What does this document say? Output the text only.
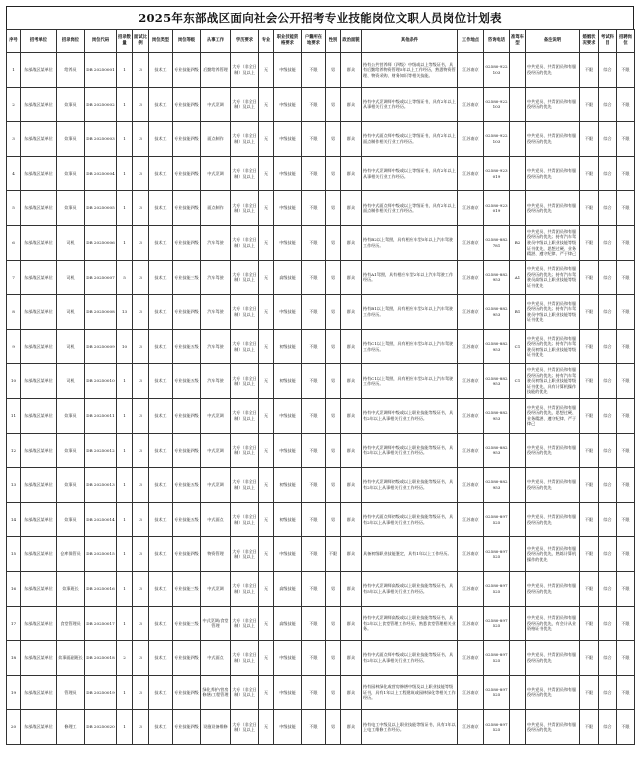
2025年东部战区面向社会公开招考专业技能岗位文职人员岗位计划表
序号	招考单位	招录岗位	岗位代码	招录数量	面试比例	岗位类型	岗位等级	从事工作	学历要求	专业	职业技能资格要求	户籍所在地要求	性别	政治面貌	其他条件	工作地点	咨询电话	准驾车型	备注说明	婚姻状况要求	考试科目	招聘岗位
1	东部战区某单位	给养员	DB 20250001	1	3	技术工	专业技能四级	后勤给养管理	大专（非全日制）及以上	无	中级技能	不限	男	群众	持有公共营养师（四级）中级或以上等级证书，具有后勤给养物资管理5年以上工作经历，熟悉物资管理、物资采购、财务知识等相关技能。	江苏南京	02580-922103		中共党员、共青团员和有服役经历的优先	不限	综合	不限
2	东部战区某单位	炊事员	DB 20250002	1	3	技术工	专业技能四级	中式烹调	大专（非全日制）及以上	无	中级技能	不限	男	群众	持有中式烹调师中级或以上等级证书，具有2年以上从事相关行业工作经历。	江苏南京	02580-922103		中共党员、共青团员和有服役经历的优先	不限	综合	不限
3	东部战区某单位	炊事员	DB 20250003	1	3	技术工	专业技能四级	面点制作	大专（非全日制）及以上	无	中级技能	不限	男	群众	持有中式面点师中级或以上等级证书，具有2年以上面点制作相关行业工作经历。	江苏南京	02580-922103		中共党员、共青团员和有服役经历的优先	不限	综合	不限
4	东部战区某单位	炊事员	DB 20250004	1	3	技术工	专业技能四级	中式烹调	大专（非全日制）及以上	无	中级技能	不限	男	群众	持有中式烹调师中级或以上等级证书，具有2年以上从事相关行业工作经历。	江苏南京	02580-923019		中共党员、共青团员和有服役经历的优先	不限	综合	不限
5	东部战区某单位	炊事员	DB 20250005	1	3	技术工	专业技能四级	面点制作	大专（非全日制）及以上	无	中级技能	不限	男	群众	持有中式面点师中级或以上等级证书，具有2年以上面点制作相关行业工作经历。	江苏南京	02580-923019		中共党员、共青团员和有服役经历的优先	不限	综合	不限
6	东部战区某单位	司机	DB 20250006	1	3	技术工	专业技能四级	汽车驾驶	大专（非全日制）及以上	无	中级技能	不限	男	群众	持有B2以上驾照，具有相应车型5年以上汽车驾驶工作经历。	江苏南京	02580-882781	B2	中共党员、共青团员和有服役经历的优先；持有汽车驾驶员中级以上职业技能等级证书优先，思想过硬、业务精湛、遵守纪律、严于律己	不限	综合	不限
7	东部战区某单位	司机	DB 20250007	5	3	技术工	专业技能三级	汽车驾驶	大专（非全日制）及以上	无	高级技能	不限	男	群众	持有A1驾照，具有相应车型2年以上汽车驾驶工作经历。	江苏南京	02580-882953	A1	中共党员、共青团员和有服役经历的优先；持有汽车驾驶员高级以上职业技能等级证书优先	不限	综合	不限
8	东部战区某单位	司机	DB 20250008	13	3	技术工	专业技能四级	汽车驾驶	大专（非全日制）及以上	无	中级技能	不限	男	群众	持有B1以上驾照，具有相应车型2年以上汽车驾驶工作经历。	江苏南京	02580-882953	B1	中共党员、共青团员和有服役经历的优先；持有汽车驾驶员中级以上职业技能等级证书优先	不限	综合	不限
9	东部战区某单位	司机	DB 20250009	10	3	技术工	专业技能五级	汽车驾驶	大专（非全日制）及以上	无	初级技能	不限	男	群众	持有C1以上驾照，具有相应车型2年以上汽车驾驶工作经历。	江苏南京	02580-882953	C1	中共党员、共青团员和有服役经历的优先；持有汽车驾驶员初级以上职业技能等级证书优先	不限	综合	不限
10	东部战区某单位	司机	DB 20250010	1	3	技术工	专业技能五级	汽车驾驶	大专（非全日制）及以上	无	初级技能	不限	男	群众	持有C1以上驾照，具有相应车型2年以上汽车驾驶工作经历。	江苏南京	02580-882953	C1	中共党员、共青团员和有服役经历的优先；持有汽车驾驶员初级以上职业技能等级证书优先，具有计算机操作技能的优先	不限	综合	不限
11	东部战区某单位	炊事员	DB 20250011	1	3	技术工	专业技能四级	中式烹调	大专（非全日制）及以上	无	中级技能	不限	男	群众	持有中式烹调师中级或以上职业技能等级证书，具有2年以上从事相关行业工作经历。	江苏南京	02580-882953		中共党员、共青团员和有服役经历的优先，思想过硬、业务精湛、遵守纪律、严于律己	不限	综合	不限
12	东部战区某单位	炊事员	DB 20250012	1	3	技术工	专业技能四级	中式烹调	大专（非全日制）及以上	无	中级技能	不限	男	群众	持有中式烹调师中级或以上职业技能等级证书，具有2年以上从事相关行业工作经历。	江苏南京	02580-882953		中共党员、共青团员和有服役经历的优先	不限	综合	不限
13	东部战区某单位	炊事员	DB 20250013	1	3	技术工	专业技能五级	中式烹调	大专（非全日制）及以上	无	初级技能	不限	男	群众	持有中式烹调师初级或以上职业技能等级证书，具有2年以上从事相关行业工作经历。	江苏南京	02580-882953		中共党员、共青团员和有服役经历的优先	不限	综合	不限
14	东部战区某单位	炊事员	DB 20250014	1	3	技术工	专业技能五级	中式面点	大专（非全日制）及以上	无	初级技能	不限	男	群众	持有中式面点师初级或以上职业技能等级证书，具有2年以上从事相关行业工作经历。	江苏南京	02580-897525		中共党员、共青团员和有服役经历的优先	不限	综合	不限
15	东部战区某单位	仓库保管员	DB 20250015	1	3	技术工	专业技能四级	物资管理	大专（非全日制）及以上	无	中级技能	不限	不限	群众	具备初级职业技能鉴定，具有1年以上工作经历。	江苏南京	02580-897525		中共党员、共青团员和有服役经历的优先，熟练计算机操作的优先	不限	综合	不限
16	东部战区某单位	炊事班长	DB 20250016	1	3	技术工	专业技能三级	中式烹调	大专（非全日制）及以上	无	高级技能	不限	男	群众	持有中式烹调师高级或以上职业技能等级证书，具有5年以上从事相关行业工作经历。	江苏南京	02580-897525		中共党员、共青团员和有服役经历的优先	不限	综合	不限
17	东部战区某单位	食堂管理员	DB 20250017	1	3	技术工	专业技能三级	中式烹调/食堂管理	大专（非全日制）及以上	无	高级技能	不限	男	群众	持有中式烹调师高级或以上职业技能等级证书，具有2年以上食堂管理工作经历，熟悉食堂管理相关业务。	江苏南京	02580-897525		中共党员、共青团员和有服役经历的优先，有会计从业资格证书优先	不限	综合	不限
18	东部战区某单位	炊事面副班长	DB 20250018	2	3	技术工	专业技能四级	中式面点	大专（非全日制）及以上	无	中级技能	不限	男	群众	持有中式面点师中级或以上职业技能等级证书，具有2年以上从事相关行业工作经历。	江苏南京	02580-897525		中共党员、共青团员和有服役经历的优先	不限	综合	不限
19	东部战区某单位	管理员	DB 20250019	1	3	技术工	专业技能四级	绿化养护/营房修缮/工程管理	大专（非全日制）及以上	无	中级技能	不限	男	群众	持有园林绿化或营房修缮中级及以上职业技能等级证书，具有1年以上工程建筑或园林绿化等相关工作经历。	江苏南京	02580-897525		中共党员、共青团员和有服役经历的优先	不限	综合	不限
20	东部战区某单位	修理工	DB 20250020	1	3	技术工	专业技能四级	设施设备维修	大专（非全日制）及以上	无	中级技能	不限	男	群众	持有电工中级及以上职业技能等级证书，具有1年以上电工维修工作经历。	江苏南京	02580-897525		中共党员、共青团员和有服役经历的优先	不限	综合	不限
